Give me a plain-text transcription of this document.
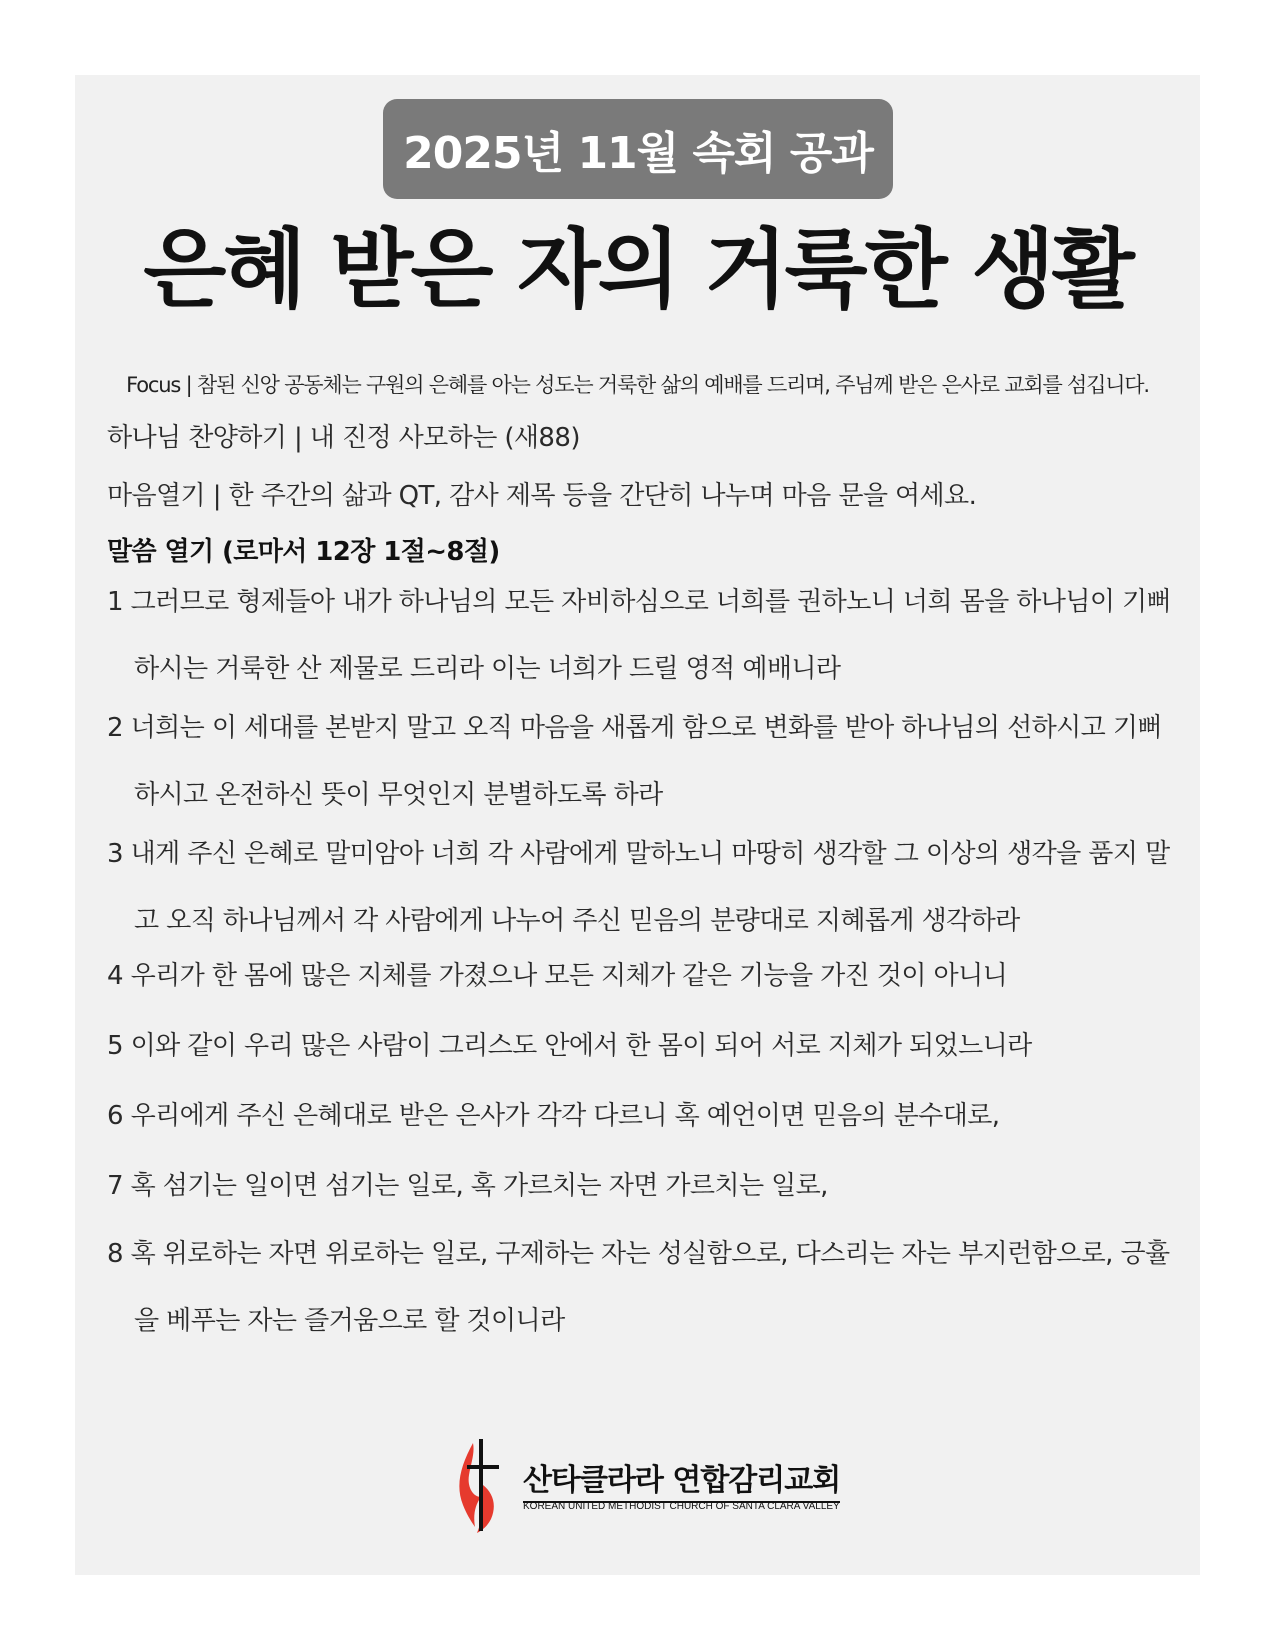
2025년 11월 속회 공과
은혜 받은 자의 거룩한 생활
Focus | 참된 신앙 공동체는 구원의 은혜를 아는 성도는 거룩한 삶의 예배를 드리며, 주님께 받은 은사로 교회를 섬깁니다.
하나님 찬양하기 | 내 진정 사모하는 (새88)
마음열기 | 한 주간의 삶과 QT, 감사 제목 등을 간단히 나누며 마음 문을 여세요.
말씀 열기 (로마서 12장 1절~8절)
1 그러므로 형제들아 내가 하나님의 모든 자비하심으로 너희를 권하노니 너희 몸을 하나님이 기뻐
하시는 거룩한 산 제물로 드리라 이는 너희가 드릴 영적 예배니라
2 너희는 이 세대를 본받지 말고 오직 마음을 새롭게 함으로 변화를 받아 하나님의 선하시고 기뻐
하시고 온전하신 뜻이 무엇인지 분별하도록 하라
3 내게 주신 은혜로 말미암아 너희 각 사람에게 말하노니 마땅히 생각할 그 이상의 생각을 품지 말
고 오직 하나님께서 각 사람에게 나누어 주신 믿음의 분량대로 지혜롭게 생각하라
4 우리가 한 몸에 많은 지체를 가졌으나 모든 지체가 같은 기능을 가진 것이 아니니
5 이와 같이 우리 많은 사람이 그리스도 안에서 한 몸이 되어 서로 지체가 되었느니라
6 우리에게 주신 은혜대로 받은 은사가 각각 다르니 혹 예언이면 믿음의 분수대로,
7 혹 섬기는 일이면 섬기는 일로, 혹 가르치는 자면 가르치는 일로,
8 혹 위로하는 자면 위로하는 일로, 구제하는 자는 성실함으로, 다스리는 자는 부지런함으로, 긍휼
을 베푸는 자는 즐거움으로 할 것이니라
산타클라라 연합감리교회
KOREAN UNITED METHODIST CHURCH OF SANTA CLARA VALLEY
